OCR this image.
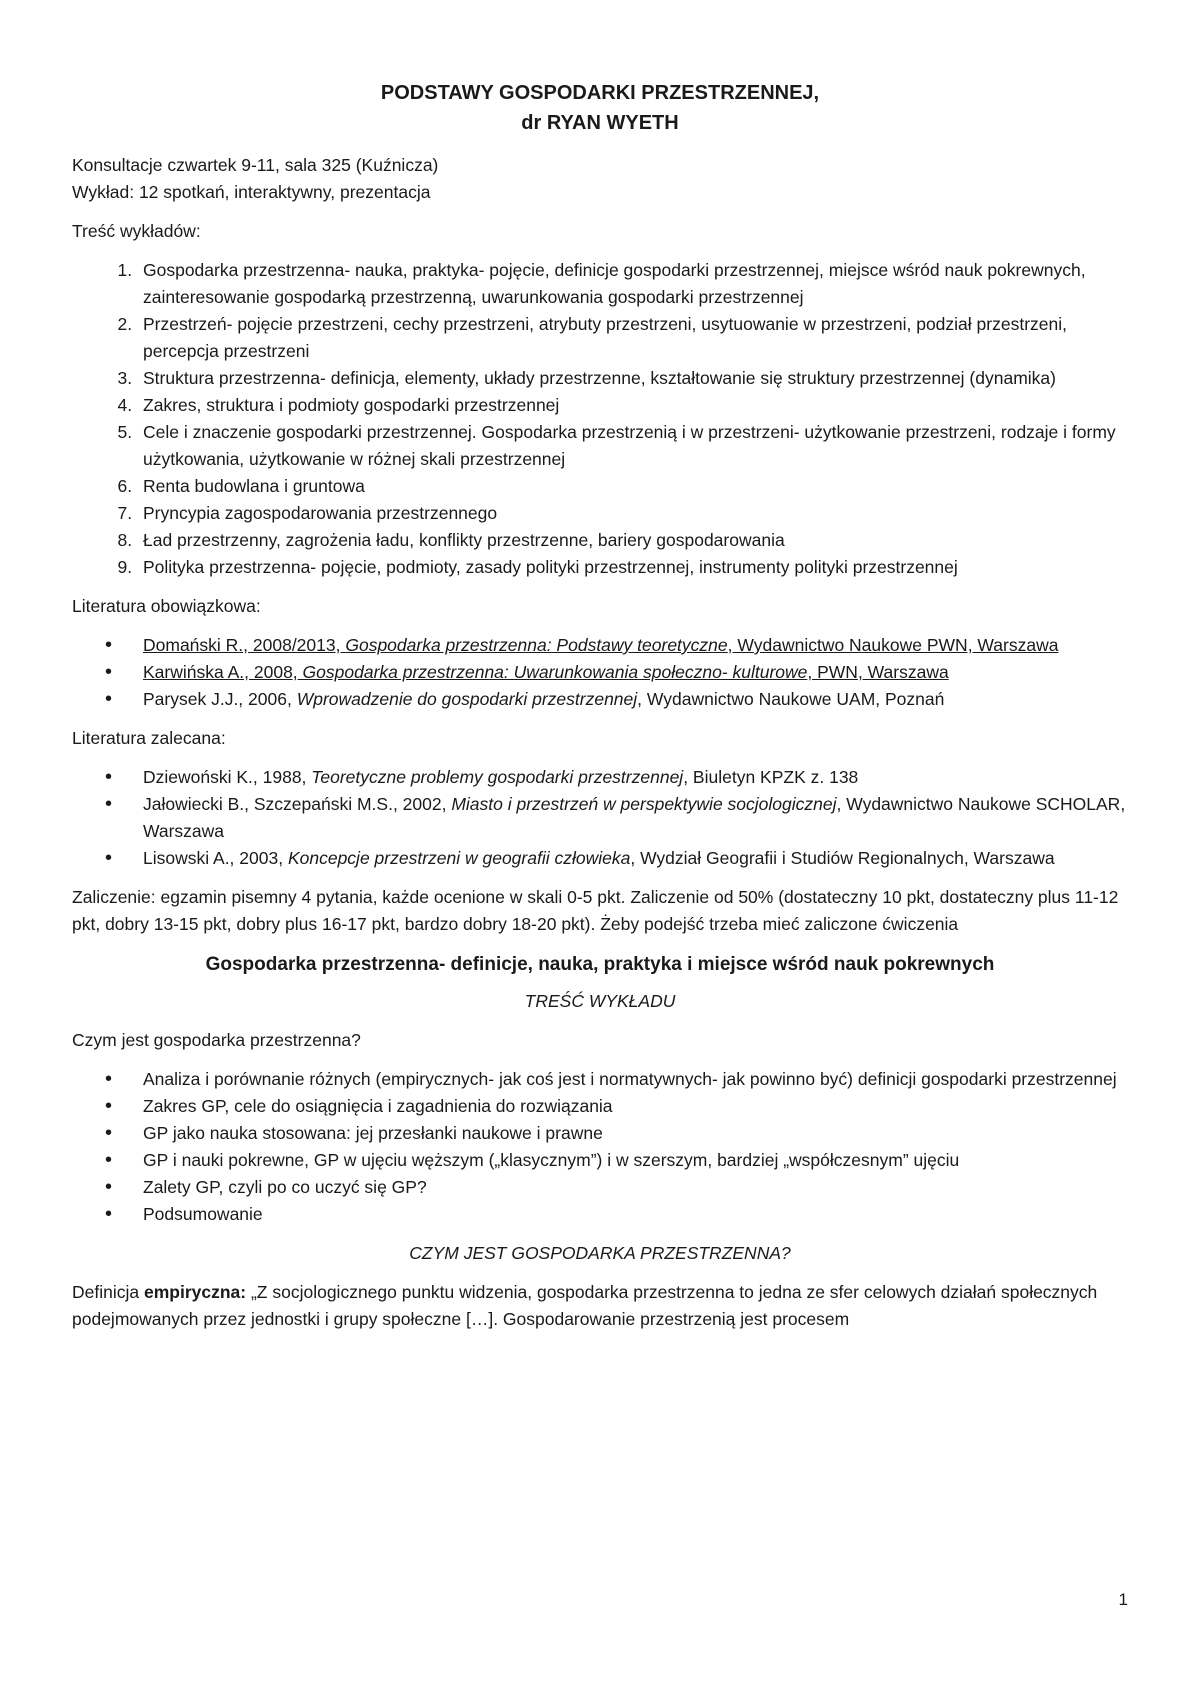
PODSTAWY GOSPODARKI PRZESTRZENNEJ,
dr RYAN WYETH

Konsultacje czwartek 9-11, sala 325 (Kuźnicza)

Wykład: 12 spotkań, interaktywny, prezentacja

Treść wykładów:

1. Gospodarka przestrzenna- nauka, praktyka- pojęcie, definicje gospodarki przestrzennej, miejsce wśród nauk pokrewnych, zainteresowanie gospodarką przestrzenną, uwarunkowania gospodarki przestrzennej
2. Przestrzeń- pojęcie przestrzeni, cechy przestrzeni, atrybuty przestrzeni, usytuowanie w przestrzeni, podział przestrzeni, percepcja przestrzeni
3. Struktura przestrzenna- definicja, elementy, układy przestrzenne, kształtowanie się struktury przestrzennej (dynamika)
4. Zakres, struktura i podmioty gospodarki przestrzennej
5. Cele i znaczenie gospodarki przestrzennej. Gospodarka przestrzenią i w przestrzeni- użytkowanie przestrzeni, rodzaje i formy użytkowania, użytkowanie w różnej skali przestrzennej
6. Renta budowlana i gruntowa
7. Pryncypia zagospodarowania przestrzennego
8. Ład przestrzenny, zagrożenia ładu, konflikty przestrzenne, bariery gospodarowania
9. Polityka przestrzenna- pojęcie, podmioty, zasady polityki przestrzennej, instrumenty polityki przestrzennej

Literatura obowiązkowa:

• Domański R., 2008/2013, Gospodarka przestrzenna: Podstawy teoretyczne, Wydawnictwo Naukowe PWN, Warszawa
• Karwińska A., 2008, Gospodarka przestrzenna: Uwarunkowania społeczno- kulturowe, PWN, Warszawa
• Parysek J.J., 2006, Wprowadzenie do gospodarki przestrzennej, Wydawnictwo Naukowe UAM, Poznań

Literatura zalecana:

• Dziewoński K., 1988, Teoretyczne problemy gospodarki przestrzennej, Biuletyn KPZK z. 138
• Jałowiecki B., Szczepański M.S., 2002, Miasto i przestrzeń w perspektywie socjologicznej, Wydawnictwo Naukowe SCHOLAR, Warszawa
• Lisowski A., 2003, Koncepcje przestrzeni w geografii człowieka, Wydział Geografii i Studiów Regionalnych, Warszawa

Zaliczenie: egzamin pisemny 4 pytania, każde ocenione w skali 0-5 pkt. Zaliczenie od 50% (dostateczny 10 pkt, dostateczny plus 11-12 pkt, dobry 13-15 pkt, dobry plus 16-17 pkt, bardzo dobry 18-20 pkt). Żeby podejść trzeba mieć zaliczone ćwiczenia

Gospodarka przestrzenna- definicje, nauka, praktyka i miejsce wśród nauk pokrewnych

TREŚĆ WYKŁADU

Czym jest gospodarka przestrzenna?

• Analiza i porównanie różnych (empirycznych- jak coś jest i normatywnych- jak powinno być) definicji gospodarki przestrzennej
• Zakres GP, cele do osiągnięcia i zagadnienia do rozwiązania
• GP jako nauka stosowana: jej przesłanki naukowe i prawne
• GP i nauki pokrewne, GP w ujęciu węższym („klasycznym”) i w szerszym, bardziej „współczesnym” ujęciu
• Zalety GP, czyli po co uczyć się GP?
• Podsumowanie

CZYM JEST GOSPODARKA PRZESTRZENNA?

Definicja empiryczna: „Z socjologicznego punktu widzenia, gospodarka przestrzenna to jedna ze sfer celowych działań społecznych podejmowanych przez jednostki i grupy społeczne […]. Gospodarowanie przestrzenią jest procesem

1
